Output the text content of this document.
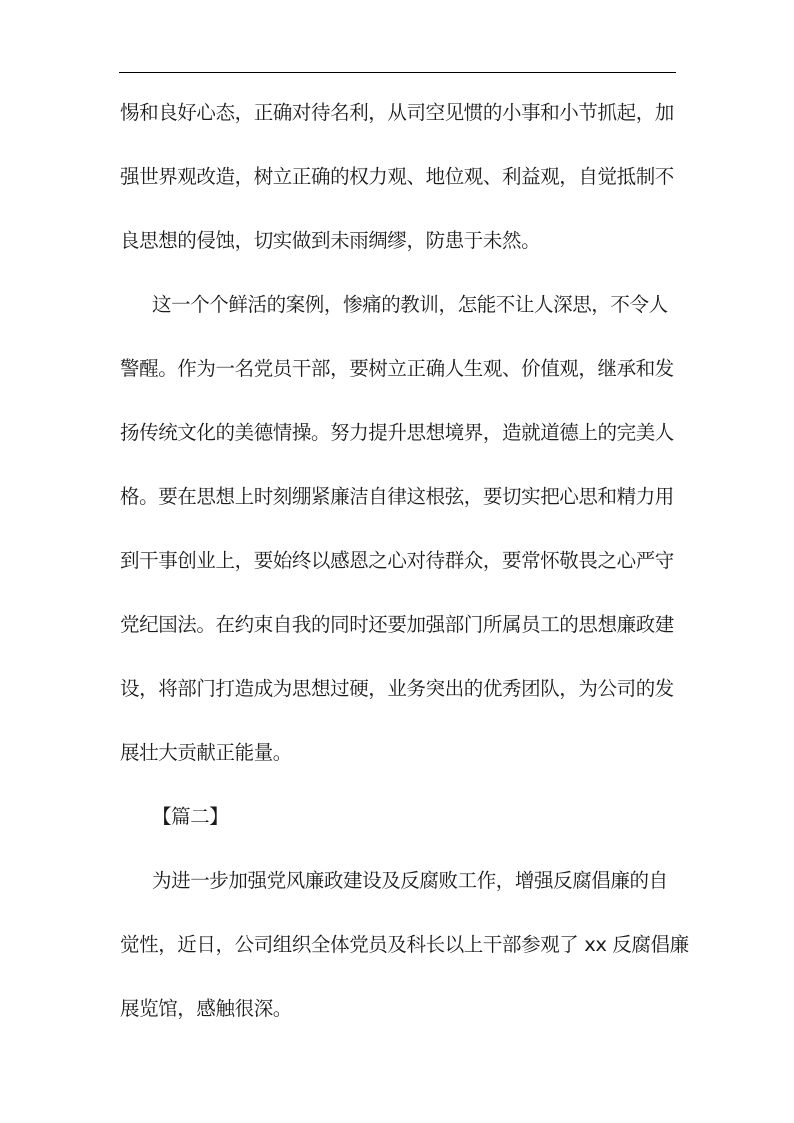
惕和良好心态，正确对待名利，从司空见惯的小事和小节抓起，加
强世界观改造，树立正确的权力观、地位观、利益观，自觉抵制不
良思想的侵蚀，切实做到未雨绸缪，防患于未然。
这一个个鲜活的案例，惨痛的教训，怎能不让人深思，不令人
警醒。作为一名党员干部，要树立正确人生观、价值观，继承和发
扬传统文化的美德情操。努力提升思想境界，造就道德上的完美人
格。要在思想上时刻绷紧廉洁自律这根弦，要切实把心思和精力用
到干事创业上，要始终以感恩之心对待群众，要常怀敬畏之心严守
党纪国法。在约束自我的同时还要加强部门所属员工的思想廉政建
设，将部门打造成为思想过硬，业务突出的优秀团队，为公司的发
展壮大贡献正能量。
【篇二】
为进一步加强党风廉政建设及反腐败工作，增强反腐倡廉的自
觉性，近日，公司组织全体党员及科长以上干部参观了 xx 反腐倡廉
展览馆，感触很深。
